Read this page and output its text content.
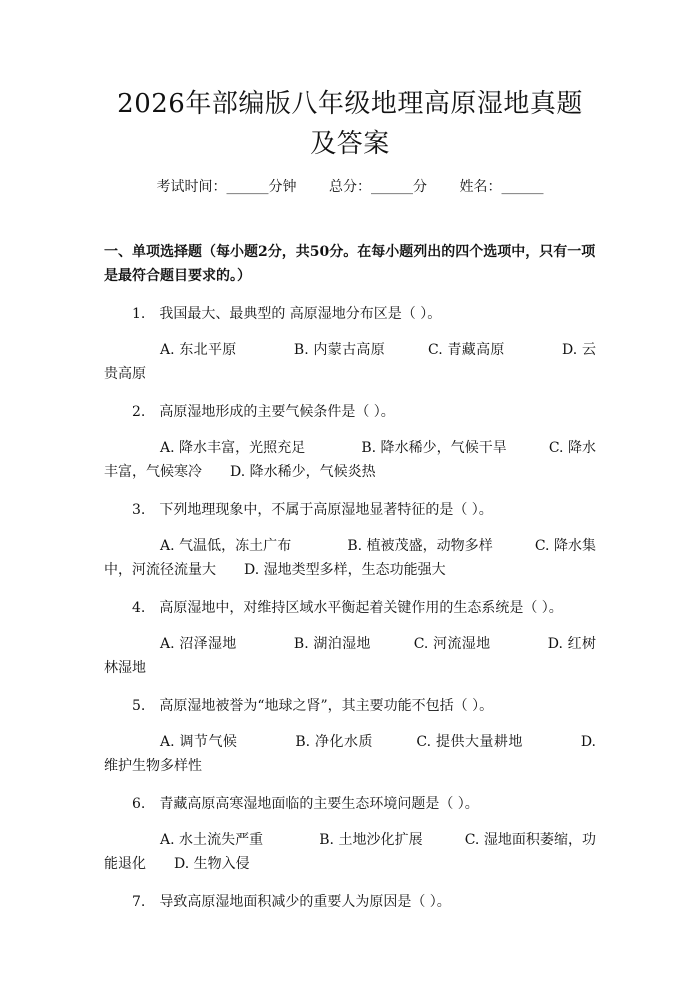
2026年部编版八年级地理高原湿地真题及答案
考试时间：______分钟　　 总分：______分　　 姓名：______
一、单项选择题（每小题2分，共50分。在每小题列出的四个选项中，只有一项是最符合题目要求的。）
1.　我国最大、最典型的 高原湿地分布区是（ ）。
A. 东北平原　　　　	B. 内蒙古高原　　　	C. 青藏高原　　　　	D. 云贵高原
2.　高原湿地形成的主要气候条件是（ ）。
A. 降水丰富，光照充足　　　　	B. 降水稀少，气候干旱　　　	C. 降水丰富，气候寒冷　　 D. 降水稀少，气候炎热
3.　下列地理现象中，不属于高原湿地显著特征的是（ ）。
A. 气温低，冻土广布　　　　	B. 植被茂盛，动物多样　　　	C. 降水集中，河流径流量大　　 D. 湿地类型多样，生态功能强大
4.　高原湿地中，对维持区域水平衡起着关键作用的生态系统是（ ）。
A. 沼泽湿地　　　　	B. 湖泊湿地　　　	C. 河流湿地　　　　	D. 红树林湿地
5.　高原湿地被誉为“地球之肾”，其主要功能不包括（ ）。
A. 调节气候　　　　	B. 净化水质　　　	C. 提供大量耕地　　　　	D. 维护生物多样性
6.　青藏高原高寒湿地面临的主要生态环境问题是（ ）。
A. 水土流失严重　　　　	B. 土地沙化扩展　　　	C. 湿地面积萎缩，功能退化　　 D. 生物入侵
7.　导致高原湿地面积减少的重要人为原因是（ ）。
